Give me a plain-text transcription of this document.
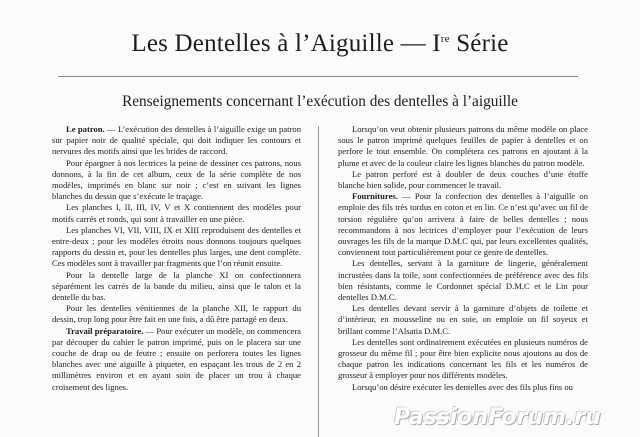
Les Dentelles à l’Aiguille — Ire Série
Renseignements concernant l’exécution des dentelles à l’aiguille

Le patron. — L’exécution des dentelles à l’aiguille exige un patron sur papier noir de qualité spéciale, qui doit indiquer les contours et nervures des motifs ainsi que les brides de raccord.

Pour épargner à nos lectrices la peine de dessiner ces patrons, nous donnons, à la fin de cet album, ceux de la série complète de nos modèles, imprimés en blanc sur noir ; c’est en suivant les lignes blanches du dessin que s’exécute le traçage.

Les planches I, II, III, IV, V et X contiennent des modèles pour motifs carrés et ronds, qui sont à travailler en une pièce.

Les planches VI, VII, VIII, IX et XIII reproduisent des dentelles et entre-deux ; pour les modèles étroits nous donnons toujours quelques rapports du dessin et, pour les dentelles plus larges, une dent complète. Ces modèles sont à travailler par fragments que l’on réunit ensuite.

Pour la dentelle large de la planche XI on confectionnera séparément les carrés de la bande du milieu, ainsi que le talon et la dentelle du bas.

Pour les dentelles vénitiennes de la planche XII, le rapport du dessin, trop long pour être fait en une fois, a dû être partagé en deux.

Travail préparatoire. — Pour exécuter un modèle, on commencera par découper du cahier le patron imprimé, puis on le placera sur une couche de drap ou de feutre ; ensuite on perforera toutes les lignes blanches avec une aiguille à piqueter, en espaçant les trous de 2 en 2 millimètres environ et en ayant soin de placer un trou à chaque croisement des lignes.

Lorsqu’on veut obtenir plusieurs patrons du même modèle on place sous le patron imprimé quelques feuilles de papier à dentelles et on perfore le tout ensemble. On complétera ces patrons en ajoutant à la plume et avec de la couleur claire les lignes blanches du patron modèle.

Le patron perforé est à doubler de deux couches d’une étoffe blanche bien solide, pour commencer le travail.

Fournitures. — Pour la confection des dentelles à l’aiguille on emploie des fils très tordus en coton et en lin. Ce n’est qu’avec un fil de torsion régulière qu’on arrivera à faire de belles dentelles ; nous recommandons à nos lectrices d’employer pour l’exécution de leurs ouvrages les fils de la marque D.M.C qui, par leurs excellentes qualités, conviennent tout particulièrement pour ce genre de dentelles.

Les dentelles, servant à la garniture de lingerie, généralement incrustées dans la toile, sont confectionnées de préférence avec des fils bien résistants, comme le Cordonnet spécial D.M.C et le Lin pour dentelles D.M.C.

Les dentelles devant servir à la garniture d’objets de toilette et d’intérieur, en mousseline ou en soie, on emploie un fil soyeux et brillant comme l’Alsatia D.M.C.

Les dentelles sont ordinairement exécutées en plusieurs numéros de grosseur du même fil ; pour être bien explicite nous ajoutons au dos de chaque patron les indications concernant les fils et les numéros de grosseur à employer pour nos différents modèles.

Lorsqu’on désire exécuter les dentelles avec des fils plus fins ou

PassionForum.ru
